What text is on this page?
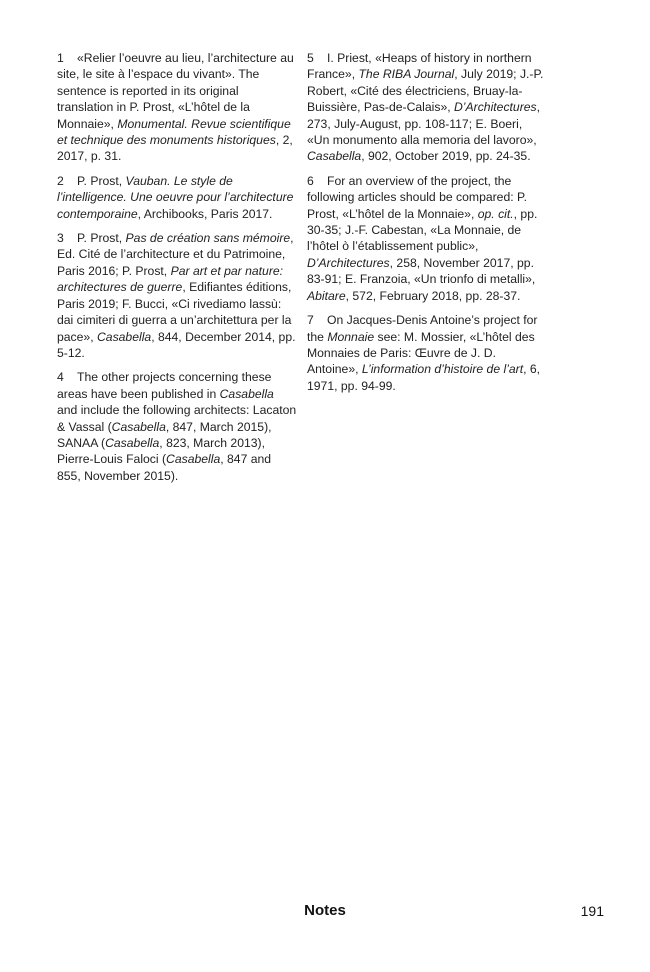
1 «Relier l’oeuvre au lieu, l’architecture au site, le site à l’espace du vivant». The sentence is reported in its original translation in P. Prost, «L’hôtel de la Monnaie», Monumental. Revue scientifique et technique des monuments historiques, 2, 2017, p. 31.

2 P. Prost, Vauban. Le style de l’intelligence. Une oeuvre pour l’architecture contemporaine, Archibooks, Paris 2017.

3 P. Prost, Pas de création sans mémoire, Ed. Cité de l’architecture et du Patrimoine, Paris 2016; P. Prost, Par art et par nature: architectures de guerre, Edifiantes éditions, Paris 2019; F. Bucci, «Ci rivediamo lassù: dai cimiteri di guerra a un’architettura per la pace», Casabella, 844, December 2014, pp. 5-12.

4 The other projects concerning these areas have been published in Casabella and include the following architects: Lacaton & Vassal (Casabella, 847, March 2015), SANAA (Casabella, 823, March 2013), Pierre-Louis Faloci (Casabella, 847 and 855, November 2015).

5 I. Priest, «Heaps of history in northern France», The RIBA Journal, July 2019; J.-P. Robert, «Cité des électriciens, Bruay-la-Buissière, Pas-de-Calais», D’Architectures, 273, July-August, pp. 108-117; E. Boeri, «Un monumento alla memoria del lavoro», Casabella, 902, October 2019, pp. 24-35.

6 For an overview of the project, the following articles should be compared: P. Prost, «L’hôtel de la Monnaie», op. cit., pp. 30-35; J.-F. Cabestan, «La Monnaie, de l’hôtel ò l’établissement public», D’Architectures, 258, November 2017, pp. 83-91; E. Franzoia, «Un trionfo di metalli», Abitare, 572, February 2018, pp. 28-37.

7 On Jacques-Denis Antoine’s project for the Monnaie see: M. Mossier, «L’hôtel des Monnaies de Paris: Œuvre de J. D. Antoine», L’information d’histoire de l’art, 6, 1971, pp. 94-99.

Notes	191
